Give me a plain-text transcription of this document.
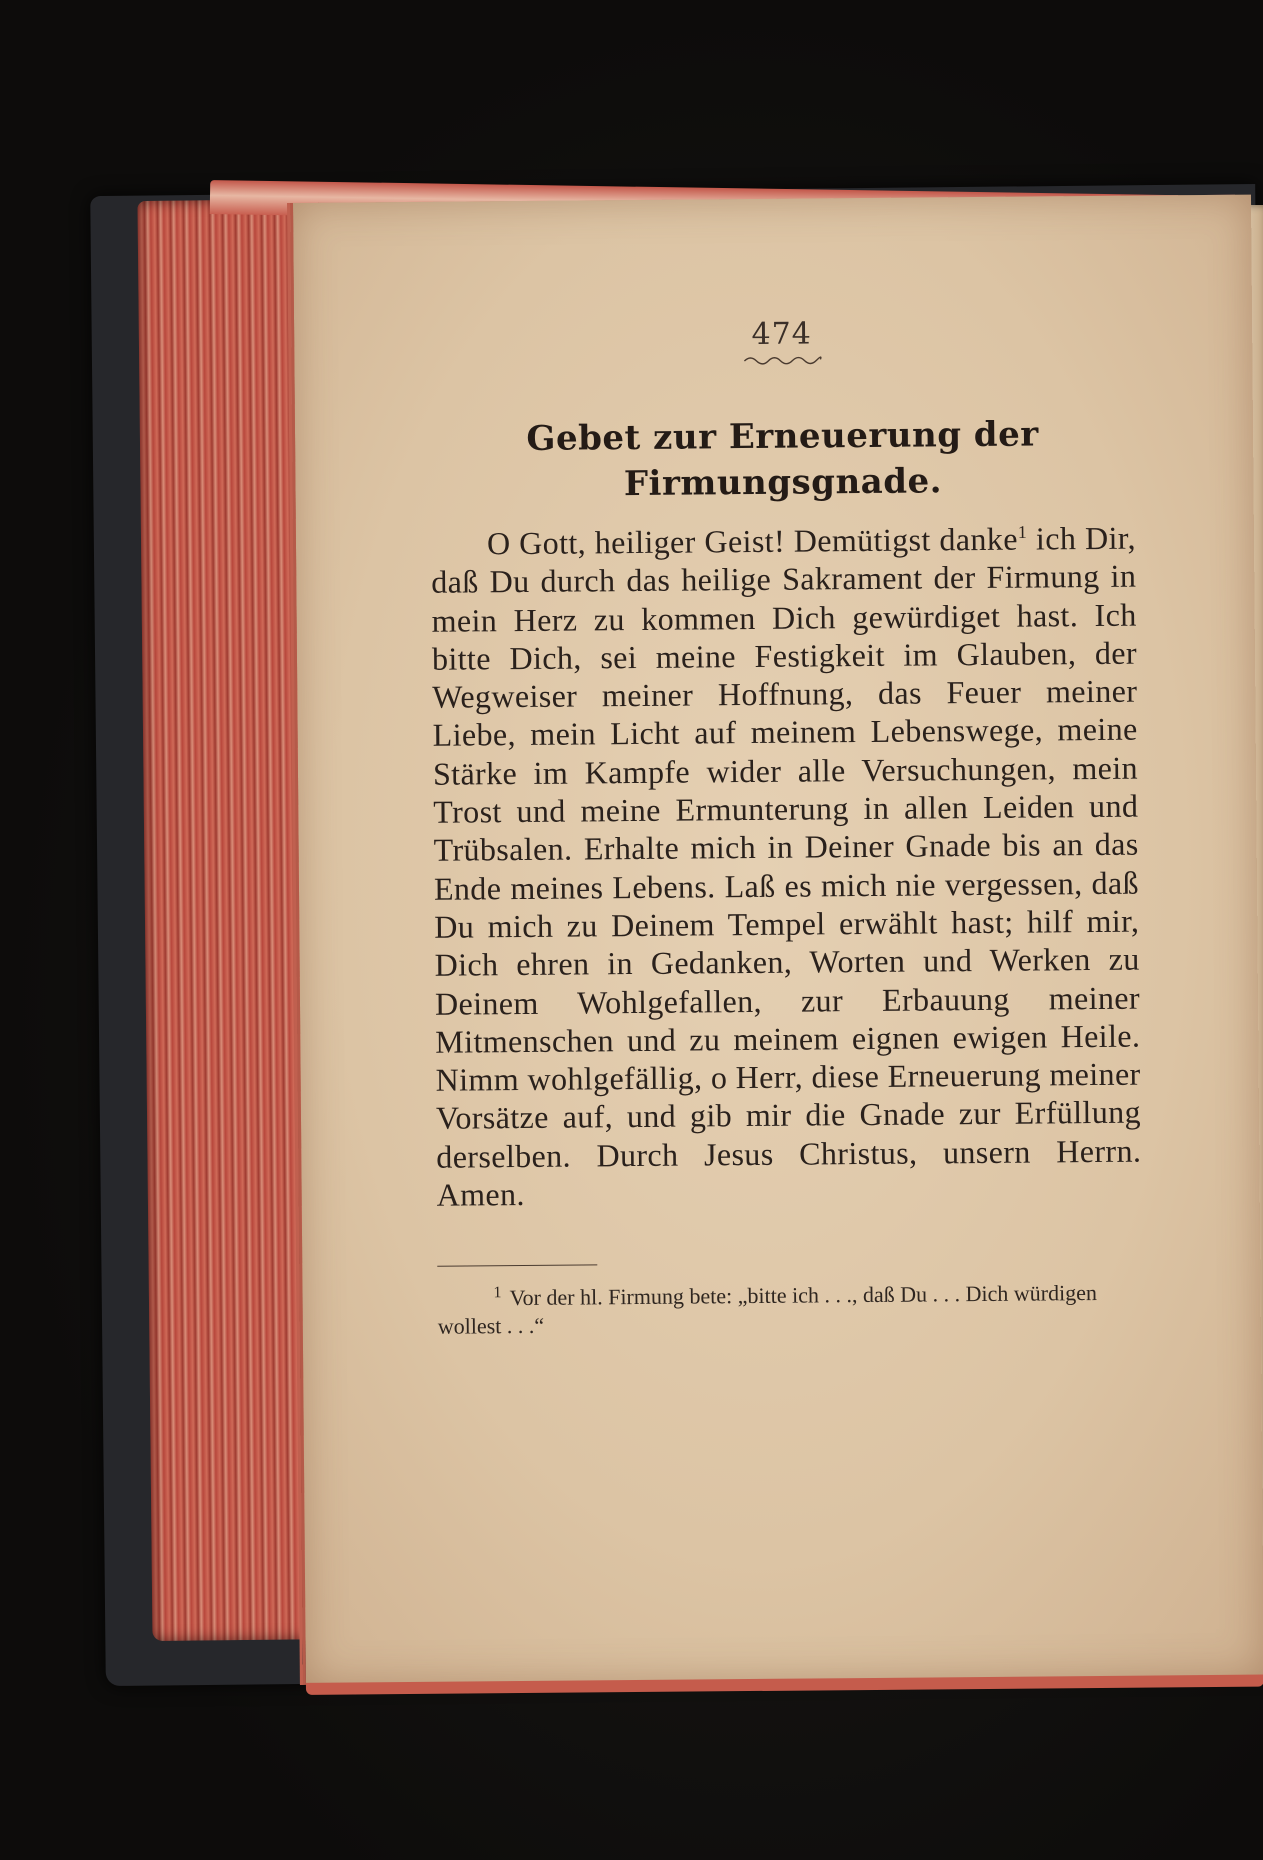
474

Gebet zur Erneuerung der Firmungsgnade.

O Gott, heiliger Geist! Demütigst danke$^1$ ich Dir, daß Du durch das heilige Sakrament der Firmung in mein Herz zu kommen Dich gewürdiget hast. Ich bitte Dich, sei meine Festigkeit im Glauben, der Wegweiser meiner Hoffnung, das Feuer meiner Liebe, mein Licht auf meinem Lebenswege, meine Stärke im Kampfe wider alle Versuchungen, mein Trost und meine Ermunterung in allen Leiden und Trübsalen. Erhalte mich in Deiner Gnade bis an das Ende meines Lebens. Laß es mich nie vergessen, daß Du mich zu Deinem Tempel erwählt hast; hilf mir, Dich ehren in Gedanken, Worten und Werken zu Deinem Wohlgefallen, zur Erbauung meiner Mitmenschen und zu meinem eignen ewigen Heile. Nimm wohlgefällig, o Herr, diese Erneuerung meiner Vorsätze auf, und gib mir die Gnade zur Erfüllung derselben. Durch Jesus Christus, unsern Herrn. Amen.

$^1$ Vor der hl. Firmung bete: „bitte ich . . ., daß Du . . . Dich würdigen wollest . . .“
